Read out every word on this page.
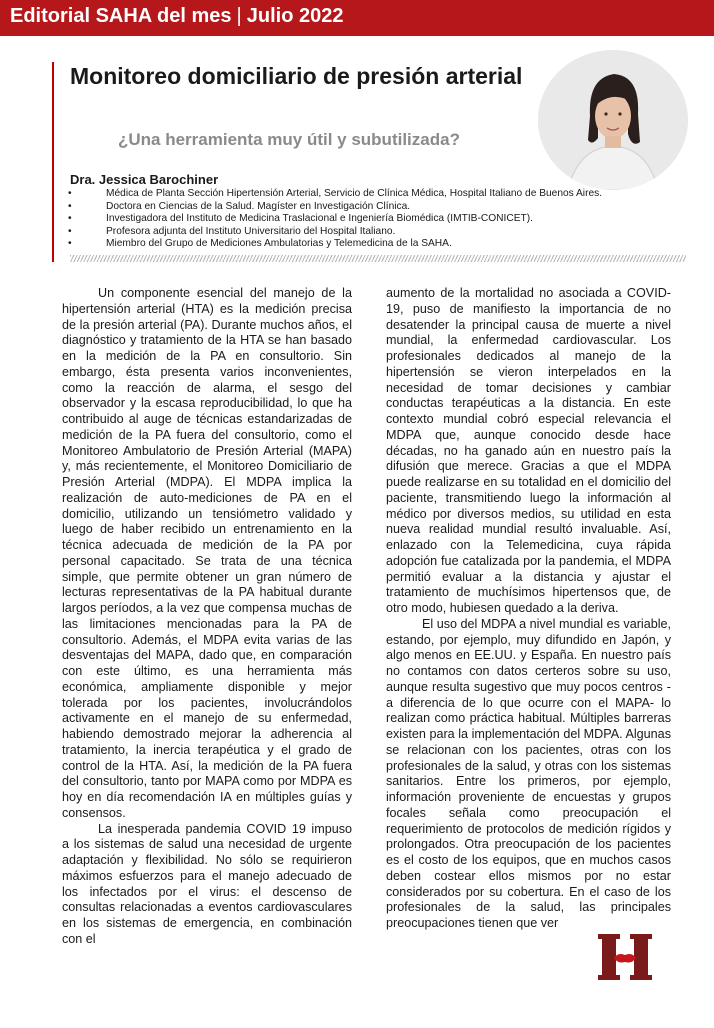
Editorial SAHA del mes | Julio 2022
Monitoreo domiciliario de presión arterial
¿Una herramienta muy útil y subutilizada?
Dra. Jessica Barochiner
•	Médica de Planta Sección Hipertensión Arterial, Servicio de Clínica Médica, Hospital Italiano de Buenos Aires.
•	Doctora en Ciencias de la Salud. Magíster en Investigación Clínica.
•	Investigadora del Instituto de Medicina Traslacional e Ingeniería Biomédica (IMTIB-CONICET).
•	Profesora adjunta del Instituto Universitario del Hospital Italiano.
•	Miembro del Grupo de Mediciones Ambulatorias y Telemedicina de la SAHA.

Un componente esencial del manejo de la hipertensión arterial (HTA) es la medición precisa de la presión arterial (PA). Durante muchos años, el diagnóstico y tratamiento de la HTA se han basado en la medición de la PA en consultorio. Sin embargo, ésta presenta varios inconvenientes, como la reacción de alarma, el sesgo del observador y la escasa reproducibilidad, lo que ha contribuido al auge de técnicas estandarizadas de medición de la PA fuera del consultorio, como el Monitoreo Ambulatorio de Presión Arterial (MAPA) y, más recientemente, el Monitoreo Domiciliario de Presión Arterial (MDPA). El MDPA implica la realización de auto-mediciones de PA en el domicilio, utilizando un tensiómetro validado y luego de haber recibido un entrenamiento en la técnica adecuada de medición de la PA por personal capacitado. Se trata de una técnica simple, que permite obtener un gran número de lecturas representativas de la PA habitual durante largos períodos, a la vez que compensa muchas de las limitaciones mencionadas para la PA de consultorio. Además, el MDPA evita varias de las desventajas del MAPA, dado que, en comparación con este último, es una herramienta más económica, ampliamente disponible y mejor tolerada por los pacientes, involucrándolos activamente en el manejo de su enfermedad, habiendo demostrado mejorar la adherencia al tratamiento, la inercia terapéutica y el grado de control de la HTA. Así, la medición de la PA fuera del consultorio, tanto por MAPA como por MDPA es hoy en día recomendación IA en múltiples guías y consensos.

La inesperada pandemia COVID 19 impuso a los sistemas de salud una necesidad de urgente adaptación y flexibilidad. No sólo se requirieron máximos esfuerzos para el manejo adecuado de los infectados por el virus: el descenso de consultas relacionadas a eventos cardiovasculares en los sistemas de emergencia, en combinación con el

aumento de la mortalidad no asociada a COVID-19, puso de manifiesto la importancia de no desatender la principal causa de muerte a nivel mundial, la enfermedad cardiovascular. Los profesionales dedicados al manejo de la hipertensión se vieron interpelados en la necesidad de tomar decisiones y cambiar conductas terapéuticas a la distancia. En este contexto mundial cobró especial relevancia el MDPA que, aunque conocido desde hace décadas, no ha ganado aún en nuestro país la difusión que merece. Gracias a que el MDPA puede realizarse en su totalidad en el domicilio del paciente, transmitiendo luego la información al médico por diversos medios, su utilidad en esta nueva realidad mundial resultó invaluable. Así, enlazado con la Telemedicina, cuya rápida adopción fue catalizada por la pandemia, el MDPA permitió evaluar a la distancia y ajustar el tratamiento de muchísimos hipertensos que, de otro modo, hubiesen quedado a la deriva.

El uso del MDPA a nivel mundial es variable, estando, por ejemplo, muy difundido en Japón, y algo menos en EE.UU. y España. En nuestro país no contamos con datos certeros sobre su uso, aunque resulta sugestivo que muy pocos centros -a diferencia de lo que ocurre con el MAPA- lo realizan como práctica habitual. Múltiples barreras existen para la implementación del MDPA. Algunas se relacionan con los pacientes, otras con los profesionales de la salud, y otras con los sistemas sanitarios. Entre los primeros, por ejemplo, información proveniente de encuestas y grupos focales señala como preocupación el requerimiento de protocolos de medición rígidos y prolongados. Otra preocupación de los pacientes es el costo de los equipos, que en muchos casos deben costear ellos mismos por no estar considerados por su cobertura. En el caso de los profesionales de la salud, las principales preocupaciones tienen que ver
